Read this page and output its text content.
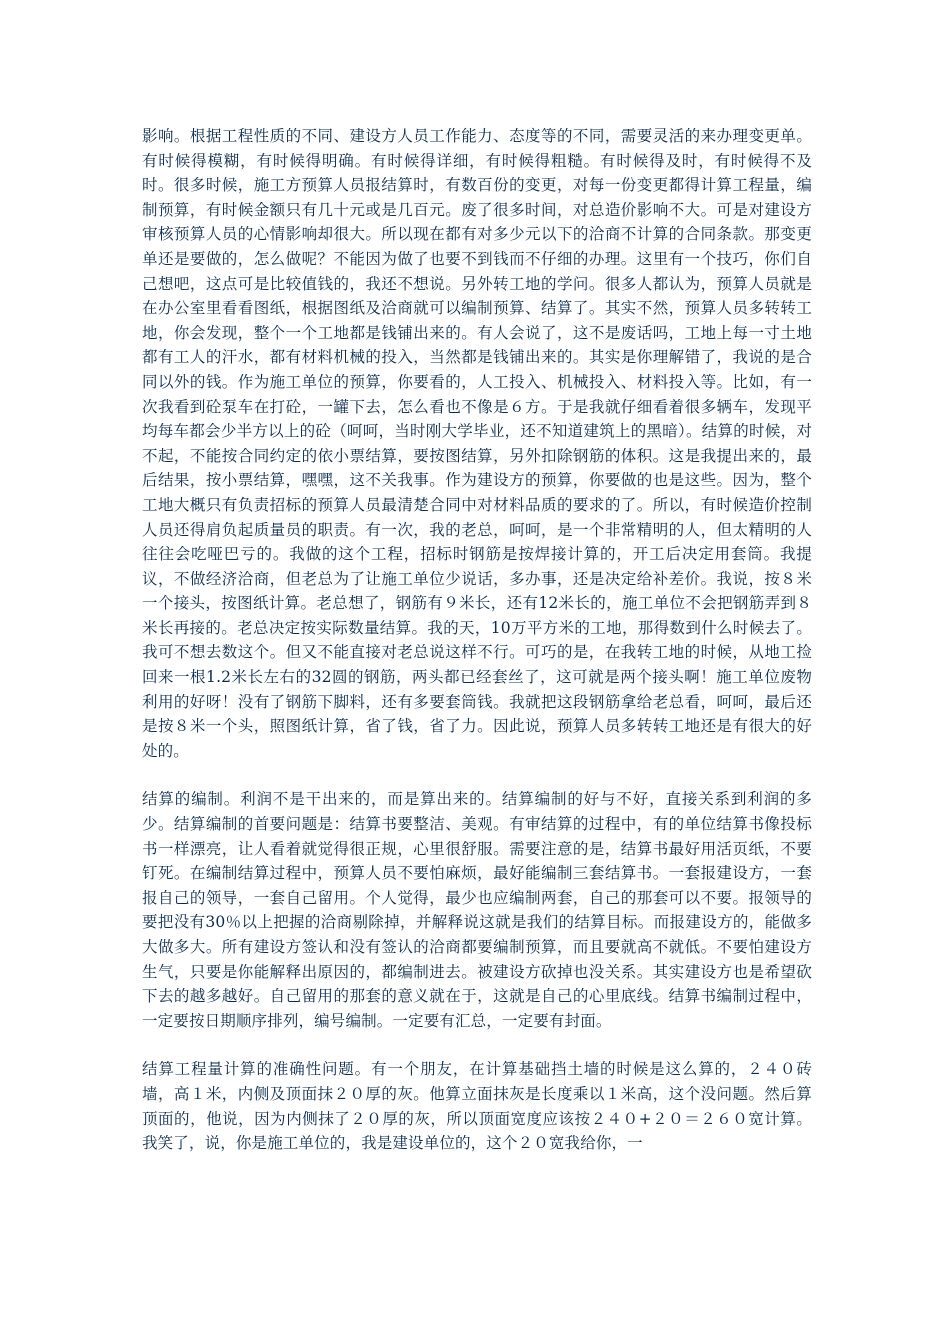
影响。根据工程性质的不同、建设方人员工作能力、态度等的不同，需要灵活的来办理变更单。有时候得模糊，有时候得明确。有时候得详细，有时候得粗糙。有时候得及时，有时候得不及时。很多时候，施工方预算人员报结算时，有数百份的变更，对每一份变更都得计算工程量，编制预算，有时候金额只有几十元或是几百元。废了很多时间，对总造价影响不大。可是对建设方审核预算人员的心情影响却很大。所以现在都有对多少元以下的洽商不计算的合同条款。那变更单还是要做的，怎么做呢？不能因为做了也要不到钱而不仔细的办理。这里有一个技巧，你们自己想吧，这点可是比较值钱的，我还不想说。另外转工地的学问。很多人都认为，预算人员就是在办公室里看看图纸，根据图纸及洽商就可以编制预算、结算了。其实不然，预算人员多转转工地，你会发现，整个一个工地都是钱铺出来的。有人会说了，这不是废话吗，工地上每一寸土地都有工人的汗水，都有材料机械的投入，当然都是钱铺出来的。其实是你理解错了，我说的是合同以外的钱。作为施工单位的预算，你要看的，人工投入、机械投入、材料投入等。比如，有一次我看到砼泵车在打砼，一罐下去，怎么看也不像是６方。于是我就仔细看着很多辆车，发现平均每车都会少半方以上的砼（呵呵，当时刚大学毕业，还不知道建筑上的黑暗）。结算的时候，对不起，不能按合同约定的依小票结算，要按图结算，另外扣除钢筋的体积。这是我提出来的，最后结果，按小票结算，嘿嘿，这不关我事。作为建设方的预算，你要做的也是这些。因为，整个工地大概只有负责招标的预算人员最清楚合同中对材料品质的要求的了。所以，有时候造价控制人员还得肩负起质量员的职责。有一次，我的老总，呵呵，是一个非常精明的人，但太精明的人往往会吃哑巴亏的。我做的这个工程，招标时钢筋是按焊接计算的，开工后决定用套筒。我提议，不做经济洽商，但老总为了让施工单位少说话，多办事，还是决定给补差价。我说，按８米一个接头，按图纸计算。老总想了，钢筋有９米长，还有12米长的，施工单位不会把钢筋弄到８米长再接的。老总决定按实际数量结算。我的天，10万平方米的工地，那得数到什么时候去了。我可不想去数这个。但又不能直接对老总说这样不行。可巧的是，在我转工地的时候，从地工捡回来一根1.2米长左右的32圆的钢筋，两头都已经套丝了，这可就是两个接头啊！施工单位废物利用的好呀！没有了钢筋下脚料，还有多要套筒钱。我就把这段钢筋拿给老总看，呵呵，最后还是按８米一个头，照图纸计算，省了钱，省了力。因此说，预算人员多转转工地还是有很大的好处的。

结算的编制。利润不是干出来的，而是算出来的。结算编制的好与不好，直接关系到利润的多少。结算编制的首要问题是：结算书要整洁、美观。有审结算的过程中，有的单位结算书像投标书一样漂亮，让人看着就觉得很正规，心里很舒服。需要注意的是，结算书最好用活页纸，不要钉死。在编制结算过程中，预算人员不要怕麻烦，最好能编制三套结算书。一套报建设方，一套报自己的领导，一套自己留用。个人觉得，最少也应编制两套，自己的那套可以不要。报领导的要把没有30％以上把握的洽商剔除掉，并解释说这就是我们的结算目标。而报建设方的，能做多大做多大。所有建设方签认和没有签认的洽商都要编制预算，而且要就高不就低。不要怕建设方生气，只要是你能解释出原因的，都编制进去。被建设方砍掉也没关系。其实建设方也是希望砍下去的越多越好。自己留用的那套的意义就在于，这就是自己的心里底线。结算书编制过程中，一定要按日期顺序排列，编号编制。一定要有汇总，一定要有封面。

结算工程量计算的准确性问题。有一个朋友，在计算基础挡土墙的时候是这么算的，２４０砖墙，高１米，内侧及顶面抹２０厚的灰。他算立面抹灰是长度乘以１米高，这个没问题。然后算顶面的，他说，因为内侧抹了２０厚的灰，所以顶面宽度应该按２４０+２０＝２６０宽计算。我笑了，说，你是施工单位的，我是建设单位的，这个２０宽我给你，一
